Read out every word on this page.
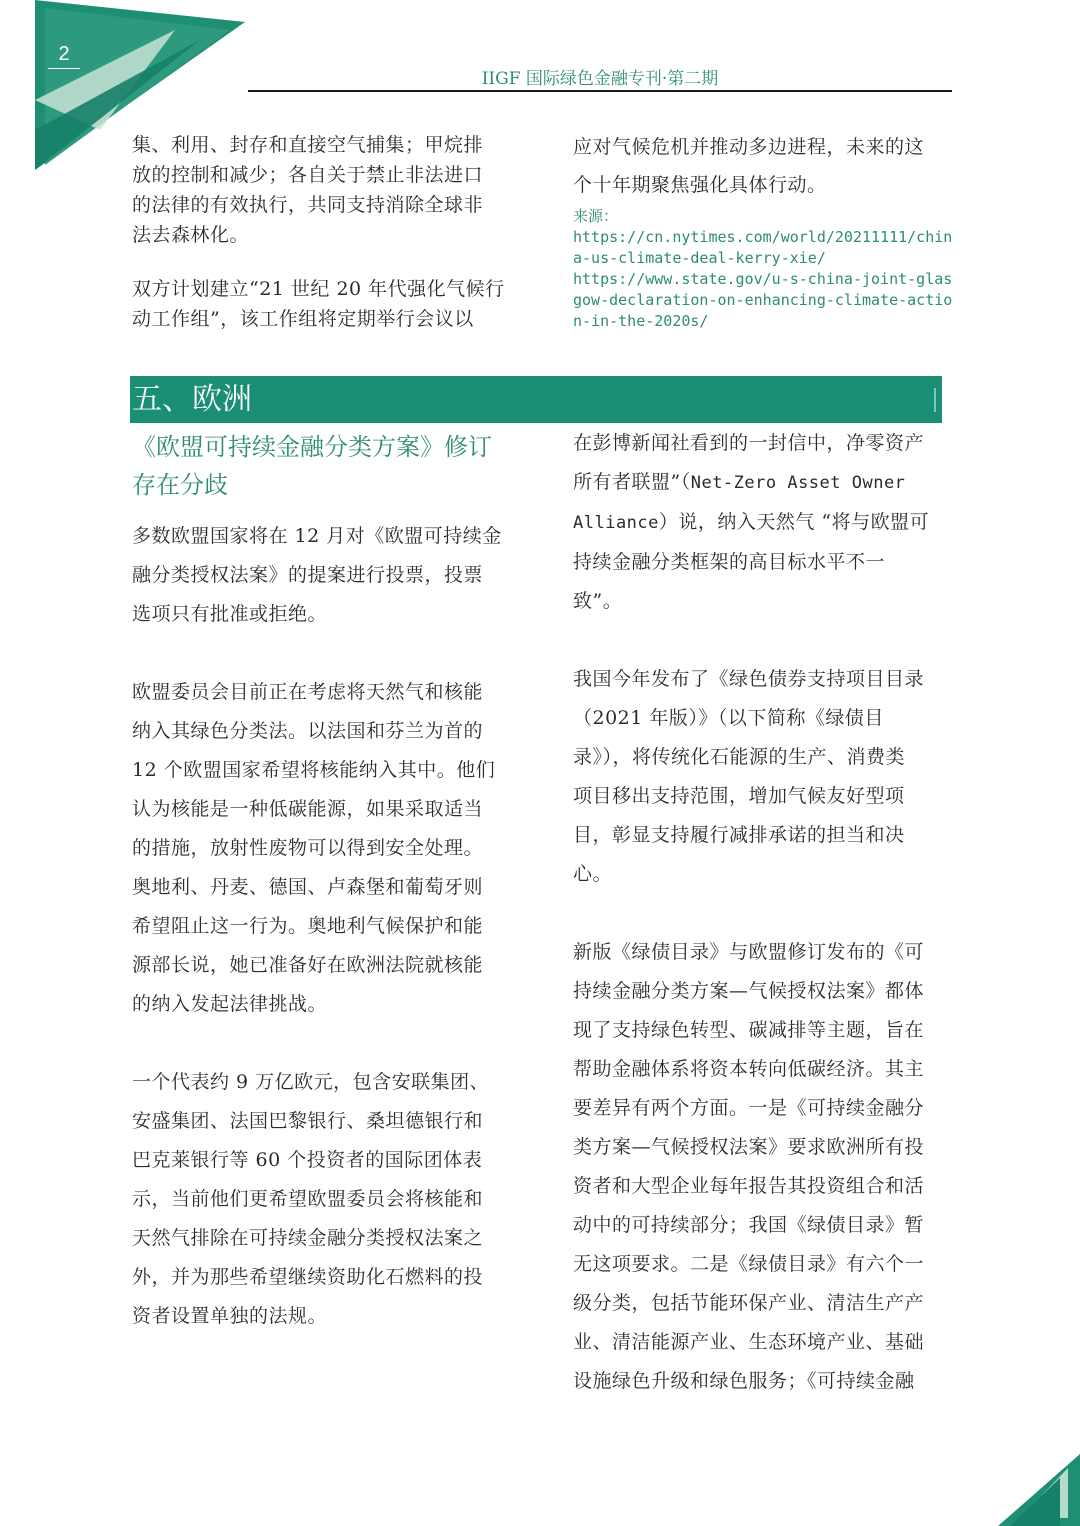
2
IIGF 国际绿色金融专刊·第二期

集、利用、封存和直接空气捕集；甲烷排

放的控制和减少；各自关于禁止非法进口

的法律的有效执行，共同支持消除全球非

法去森林化。

双方计划建立“21 世纪 20 年代强化气候行

动工作组”，该工作组将定期举行会议以

应对气候危机并推动多边进程，未来的这

个十年期聚焦强化具体行动。

来源：
https://cn.nytimes.com/world/20211111/china-us-climate-deal-kerry-xie/
https://www.state.gov/u-s-china-joint-glasgow-declaration-on-enhancing-climate-action-in-the-2020s/
五、欧洲
《欧盟可持续金融分类方案》修订存在分歧

多数欧盟国家将在 12 月对《欧盟可持续金

融分类授权法案》的提案进行投票，投票

选项只有批准或拒绝。

欧盟委员会目前正在考虑将天然气和核能

纳入其绿色分类法。以法国和芬兰为首的

12 个欧盟国家希望将核能纳入其中。他们

认为核能是一种低碳能源，如果采取适当

的措施，放射性废物可以得到安全处理。

奥地利、丹麦、德国、卢森堡和葡萄牙则

希望阻止这一行为。奥地利气候保护和能

源部长说，她已准备好在欧洲法院就核能

的纳入发起法律挑战。

一个代表约 9 万亿欧元，包含安联集团、

安盛集团、法国巴黎银行、桑坦德银行和

巴克莱银行等 60 个投资者的国际团体表

示，当前他们更希望欧盟委员会将核能和

天然气排除在可持续金融分类授权法案之

外，并为那些希望继续资助化石燃料的投

资者设置单独的法规。

在彭博新闻社看到的一封信中，净零资产

所有者联盟”（Net-Zero Asset Owner

Alliance）说，纳入天然气 “将与欧盟可

持续金融分类框架的高目标水平不一

致”。

我国今年发布了《绿色债券支持项目目录

（2021 年版）》（以下简称《绿债目

录》），将传统化石能源的生产、消费类

项目移出支持范围，增加气候友好型项

目，彰显支持履行减排承诺的担当和决

心。

新版《绿债目录》与欧盟修订发布的《可

持续金融分类方案—气候授权法案》都体

现了支持绿色转型、碳减排等主题，旨在

帮助金融体系将资本转向低碳经济。其主

要差异有两个方面。一是《可持续金融分

类方案—气候授权法案》要求欧洲所有投

资者和大型企业每年报告其投资组合和活

动中的可持续部分；我国《绿债目录》暂

无这项要求。二是《绿债目录》有六个一

级分类，包括节能环保产业、清洁生产产

业、清洁能源产业、生态环境产业、基础

设施绿色升级和绿色服务；《可持续金融
